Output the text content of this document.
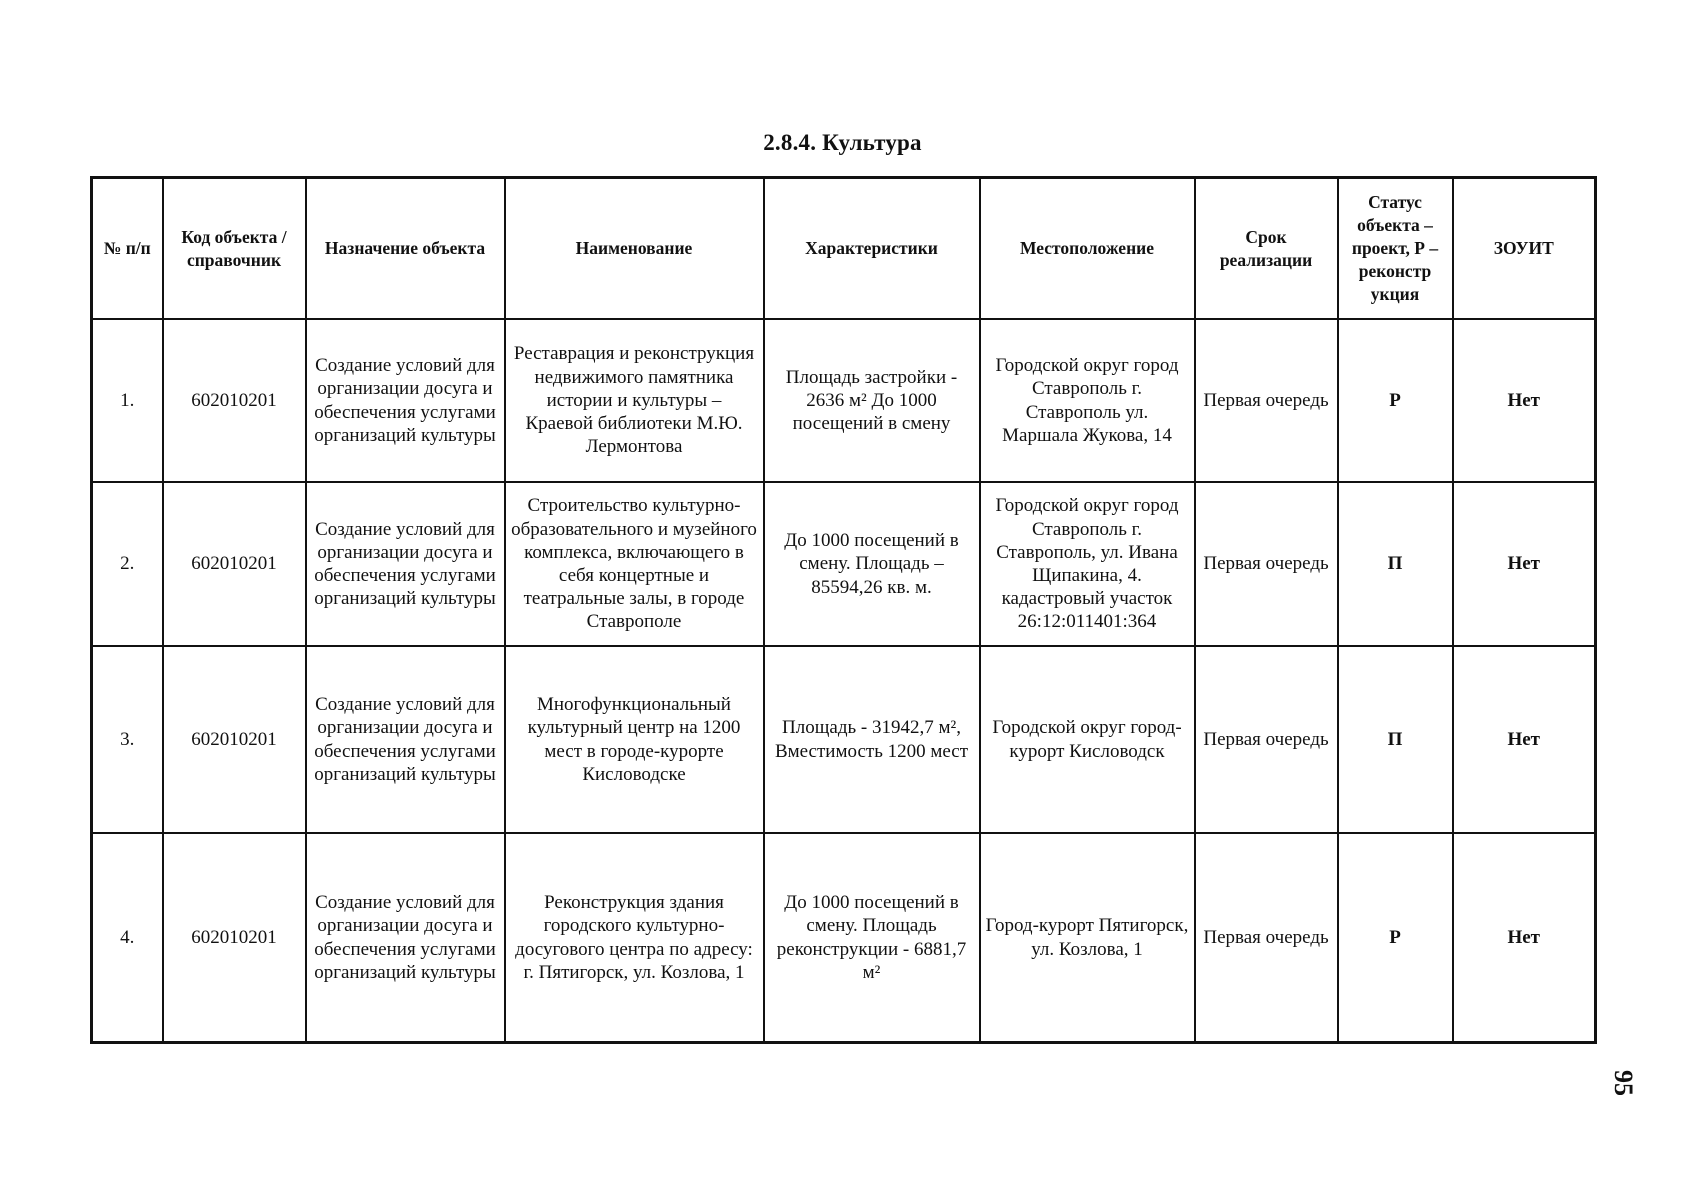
2.8.4. Культура
№ п/п	Код объекта / справочник	Назначение объекта	Наименование	Характеристики	Местоположение	Срок реализации	Статус объекта – проект, Р – реконстр укция	ЗОУИТ
1.	602010201	Создание условий для организации досуга и обеспечения услугами организаций культуры	Реставрация и реконструкция недвижимого памятника истории и культуры – Краевой библиотеки М.Ю. Лермонтова	Площадь застройки - 2636 м² До 1000 посещений в смену	Городской округ город Ставрополь г. Ставрополь ул. Маршала Жукова, 14	Первая очередь	Р	Нет
2.	602010201	Создание условий для организации досуга и обеспечения услугами организаций культуры	Строительство культурно-образовательного и музейного комплекса, включающего в себя концертные и театральные залы, в городе Ставрополе	До 1000 посещений в смену. Площадь – 85594,26 кв. м.	Городской округ город Ставрополь г. Ставрополь, ул. Ивана Щипакина, 4. кадастровый участок 26:12:011401:364	Первая очередь	П	Нет
3.	602010201	Создание условий для организации досуга и обеспечения услугами организаций культуры	Многофункциональный культурный центр на 1200 мест в городе-курорте Кисловодске	Площадь - 31942,7 м², Вместимость 1200 мест	Городской округ город-курорт Кисловодск	Первая очередь	П	Нет
4.	602010201	Создание условий для организации досуга и обеспечения услугами организаций культуры	Реконструкция здания городского культурно-досугового центра по адресу: г. Пятигорск, ул. Козлова, 1	До 1000 посещений в смену. Площадь реконструкции - 6881,7 м²	Город-курорт Пятигорск, ул. Козлова, 1	Первая очередь	Р	Нет
95
